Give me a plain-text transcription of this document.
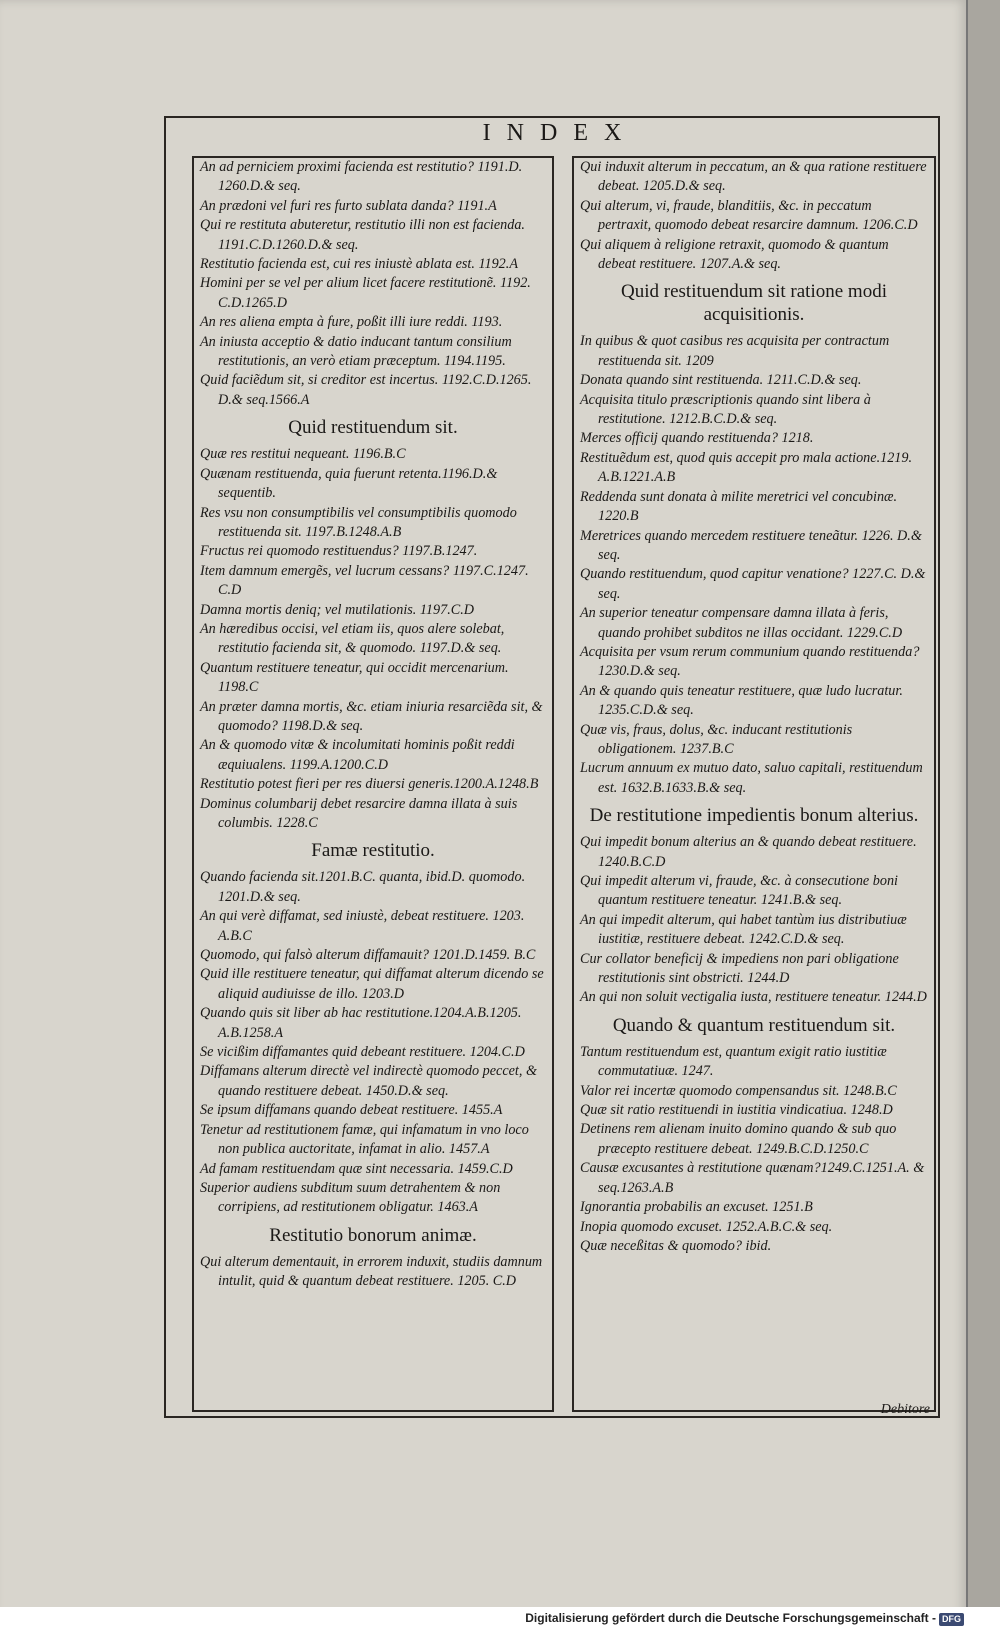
INDEX

An ad perniciem proximi facienda est restitutio? 1191.D. 1260.D.& seq.

An prædoni vel furi res furto sublata danda? 1191.A

Qui re restituta abuteretur, restitutio illi non est facienda. 1191.C.D.1260.D.& seq.

Restitutio facienda est, cui res iniustè ablata est. 1192.A

Homini per se vel per alium licet facere restitutionẽ. 1192. C.D.1265.D

An res aliena empta à fure, poßit illi iure reddi. 1193.

An iniusta acceptio & datio inducant tantum consilium restitutionis, an verò etiam præceptum. 1194.1195.

Quid faciẽdum sit, si creditor est incertus. 1192.C.D.1265. D.& seq.1566.A

Quid restituendum sit.

Quæ res restitui nequeant. 1196.B.C

Quænam restituenda, quia fuerunt retenta.1196.D.& sequentib.

Res vsu non consumptibilis vel consumptibilis quomodo restituenda sit. 1197.B.1248.A.B

Fructus rei quomodo restituendus? 1197.B.1247.

Item damnum emergẽs, vel lucrum cessans? 1197.C.1247. C.D

Damna mortis deniq; vel mutilationis. 1197.C.D

An hæredibus occisi, vel etiam iis, quos alere solebat, restitutio facienda sit, & quomodo. 1197.D.& seq.

Quantum restituere teneatur, qui occidit mercenarium. 1198.C

An præter damna mortis, &c. etiam iniuria resarciẽda sit, & quomodo? 1198.D.& seq.

An & quomodo vitæ & incolumitati hominis poßit reddi æquiualens. 1199.A.1200.C.D

Restitutio potest fieri per res diuersi generis.1200.A.1248.B

Dominus columbarij debet resarcire damna illata à suis columbis. 1228.C

Famæ restitutio.

Quando facienda sit.1201.B.C. quanta, ibid.D. quomodo. 1201.D.& seq.

An qui verè diffamat, sed iniustè, debeat restituere. 1203. A.B.C

Quomodo, qui falsò alterum diffamauit? 1201.D.1459. B.C

Quid ille restituere teneatur, qui diffamat alterum dicendo se aliquid audiuisse de illo. 1203.D

Quando quis sit liber ab hac restitutione.1204.A.B.1205. A.B.1258.A

Se vicißim diffamantes quid debeant restituere. 1204.C.D

Diffamans alterum directè vel indirectè quomodo peccet, & quando restituere debeat. 1450.D.& seq.

Se ipsum diffamans quando debeat restituere. 1455.A

Tenetur ad restitutionem famæ, qui infamatum in vno loco non publica auctoritate, infamat in alio. 1457.A

Ad famam restituendam quæ sint necessaria. 1459.C.D

Superior audiens subditum suum detrahentem & non corripiens, ad restitutionem obligatur. 1463.A

Restitutio bonorum animæ.

Qui alterum dementauit, in errorem induxit, studiis damnum intulit, quid & quantum debeat restituere. 1205. C.D

Qui induxit alterum in peccatum, an & qua ratione restituere debeat. 1205.D.& seq.

Qui alterum, vi, fraude, blanditiis, &c. in peccatum pertraxit, quomodo debeat resarcire damnum. 1206.C.D

Qui aliquem à religione retraxit, quomodo & quantum debeat restituere. 1207.A.& seq.

Quid restituendum sit ratione modi acquisitionis.

In quibus & quot casibus res acquisita per contractum restituenda sit. 1209

Donata quando sint restituenda. 1211.C.D.& seq.

Acquisita titulo præscriptionis quando sint libera à restitutione. 1212.B.C.D.& seq.

Merces officij quando restituenda? 1218.

Restituẽdum est, quod quis accepit pro mala actione.1219. A.B.1221.A.B

Reddenda sunt donata à milite meretrici vel concubinæ. 1220.B

Meretrices quando mercedem restituere teneãtur. 1226. D.& seq.

Quando restituendum, quod capitur venatione? 1227.C. D.& seq.

An superior teneatur compensare damna illata à feris, quando prohibet subditos ne illas occidant. 1229.C.D

Acquisita per vsum rerum communium quando restituenda? 1230.D.& seq.

An & quando quis teneatur restituere, quæ ludo lucratur. 1235.C.D.& seq.

Quæ vis, fraus, dolus, &c. inducant restitutionis obligationem. 1237.B.C

Lucrum annuum ex mutuo dato, saluo capitali, restituendum est. 1632.B.1633.B.& seq.

De restitutione impedientis bonum alterius.

Qui impedit bonum alterius an & quando debeat restituere. 1240.B.C.D

Qui impedit alterum vi, fraude, &c. à consecutione boni quantum restituere teneatur. 1241.B.& seq.

An qui impedit alterum, qui habet tantùm ius distributiuæ iustitiæ, restituere debeat. 1242.C.D.& seq.

Cur collator beneficij & impediens non pari obligatione restitutionis sint obstricti. 1244.D

An qui non soluit vectigalia iusta, restituere teneatur. 1244.D

Quando & quantum restituendum sit.

Tantum restituendum est, quantum exigit ratio iustitiæ commutatiuæ. 1247.

Valor rei incertæ quomodo compensandus sit. 1248.B.C

Quæ sit ratio restituendi in iustitia vindicatiua. 1248.D

Detinens rem alienam inuito domino quando & sub quo præcepto restituere debeat. 1249.B.C.D.1250.C

Causæ excusantes à restitutione quænam?1249.C.1251.A. & seq.1263.A.B

Ignorantia probabilis an excuset. 1251.B

Inopia quomodo excuset. 1252.A.B.C.& seq.

Quæ neceßitas & quomodo? ibid.

Debitore
Digitalisierung gefördert durch die Deutsche Forschungsgemeinschaft - DFG
